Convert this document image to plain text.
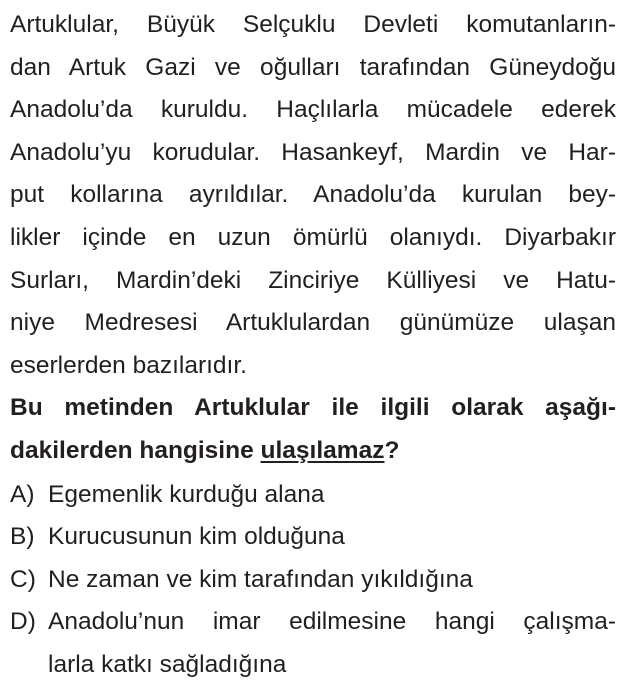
Artuklular, Büyük Selçuklu Devleti komutanların-
dan Artuk Gazi ve oğulları tarafından Güneydoğu
Anadolu’da kuruldu. Haçlılarla mücadele ederek
Anadolu’yu korudular. Hasankeyf, Mardin ve Har-
put kollarına ayrıldılar. Anadolu’da kurulan bey-
likler içinde en uzun ömürlü olanıydı. Diyarbakır
Surları, Mardin’deki Zinciriye Külliyesi ve Hatu-
niye Medresesi Artuklulardan günümüze ulaşan
eserlerden bazılarıdır.
Bu metinden Artuklular ile ilgili olarak aşağı-
dakilerden hangisine ulaşılamaz?
A) Egemenlik kurduğu alana
B) Kurucusunun kim olduğuna
C) Ne zaman ve kim tarafından yıkıldığına
D) Anadolu’nun imar edilmesine hangi çalışma-
larla katkı sağladığına
